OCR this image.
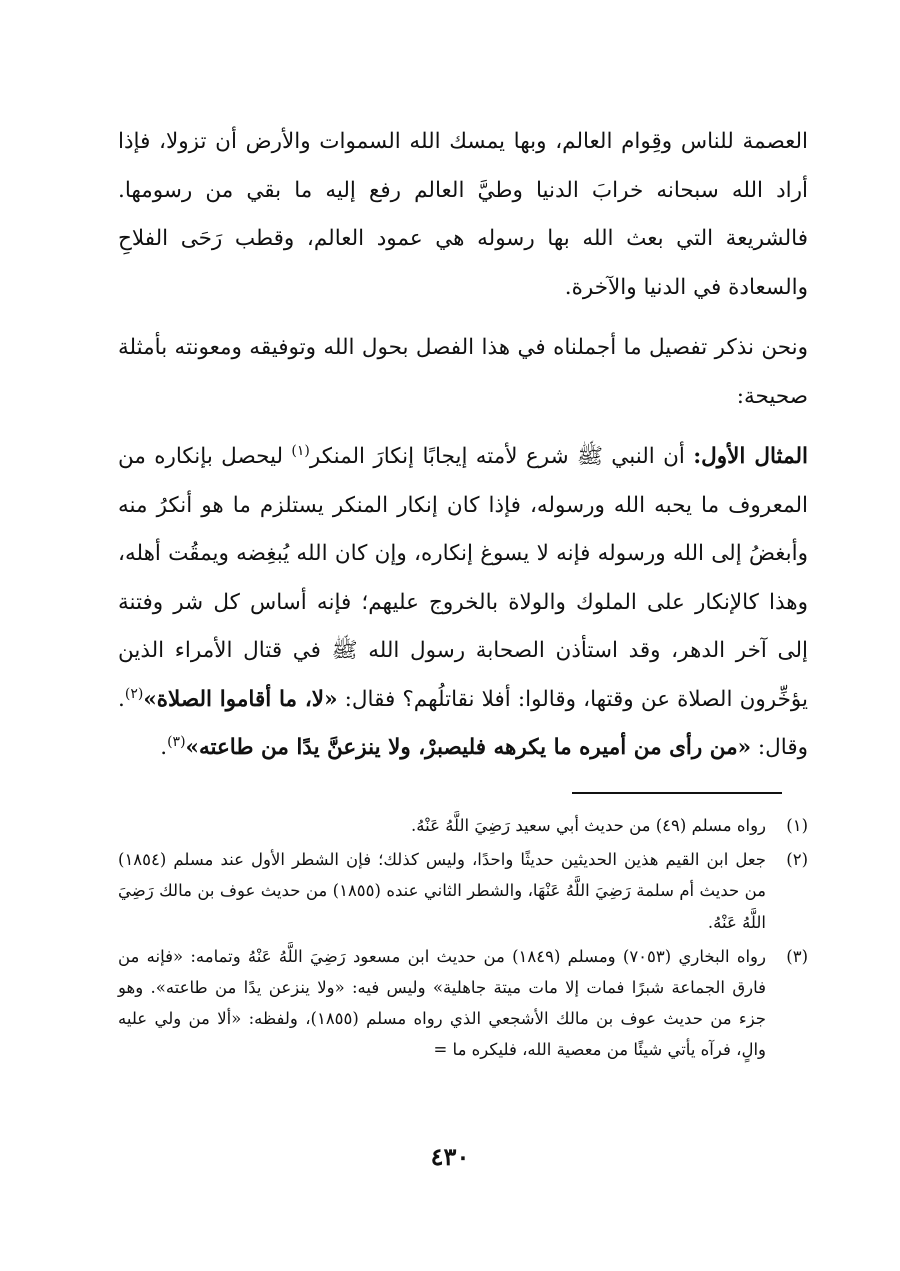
العصمة للناس وقِوام العالم، وبها يمسك الله السموات والأرض أن تزولا، فإذا أراد الله سبحانه خرابَ الدنيا وطيَّ العالم رفع إليه ما بقي من رسومها. فالشريعة التي بعث الله بها رسوله هي عمود العالم، وقطب رَحَى الفلاحِ والسعادة في الدنيا والآخرة.

ونحن نذكر تفصيل ما أجملناه في هذا الفصل بحول الله وتوفيقه ومعونته بأمثلة صحيحة:

المثال الأول: أن النبي ﷺ شرع لأمته إيجابًا إنكارَ المنكر$^{(١)}$ ليحصل بإنكاره من المعروف ما يحبه الله ورسوله، فإذا كان إنكار المنكر يستلزم ما هو أنكرُ منه وأبغضُ إلى الله ورسوله فإنه لا يسوغ إنكاره، وإن كان الله يُبغِضه ويمقُت أهله، وهذا كالإنكار على الملوك والولاة بالخروج عليهم؛ فإنه أساس كل شر وفتنة إلى آخر الدهر، وقد استأذن الصحابة رسول الله ﷺ في قتال الأمراء الذين يؤخِّرون الصلاة عن وقتها، وقالوا: أفلا نقاتلُهم؟ فقال: «لا، ما أقاموا الصلاة»$^{(٢)}$. وقال: «من رأى من أميره ما يكرهه فليصبرْ، ولا ينزعنَّ يدًا من طاعته»$^{(٣)}$.

(١)
رواه مسلم (٤٩) من حديث أبي سعيد رَضِيَ اللَّهُ عَنْهُ.
(٢)
جعل ابن القيم هذين الحديثين حديثًا واحدًا، وليس كذلك؛ فإن الشطر الأول عند مسلم (١٨٥٤) من حديث أم سلمة رَضِيَ اللَّهُ عَنْهَا، والشطر الثاني عنده (١٨٥٥) من حديث عوف بن مالك رَضِيَ اللَّهُ عَنْهُ.
(٣)
رواه البخاري (٧٠٥٣) ومسلم (١٨٤٩) من حديث ابن مسعود رَضِيَ اللَّهُ عَنْهُ وتمامه: «فإنه من فارق الجماعة شبرًا فمات إلا مات ميتة جاهلية» وليس فيه: «ولا ينزعن يدًا من طاعته». وهو جزء من حديث عوف بن مالك الأشجعي الذي رواه مسلم (١٨٥٥)، ولفظه: «ألا من ولي عليه والٍ، فرآه يأتي شيئًا من معصية الله، فليكره ما =
٤٣٠
